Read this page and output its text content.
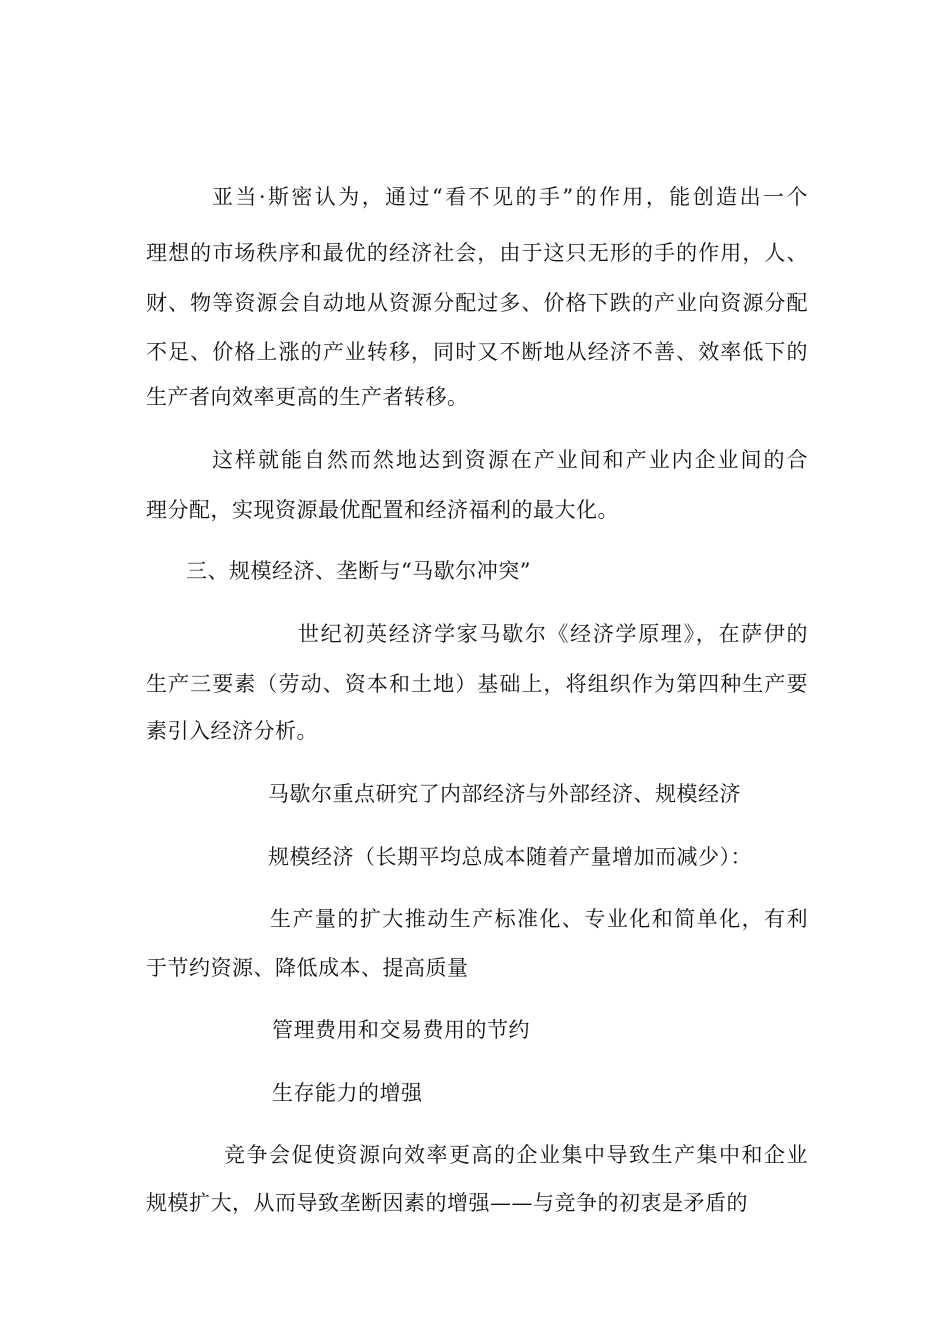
亚当·斯密认为，通过“看不见的手”的作用，能创造出一个
理想的市场秩序和最优的经济社会，由于这只无形的手的作用，人、
财、物等资源会自动地从资源分配过多、价格下跌的产业向资源分配
不足、价格上涨的产业转移，同时又不断地从经济不善、效率低下的
生产者向效率更高的生产者转移。
这样就能自然而然地达到资源在产业间和产业内企业间的合
理分配，实现资源最优配置和经济福利的最大化。
三、规模经济、垄断与“马歇尔冲突”
世纪初英经济学家马歇尔《经济学原理》，在萨伊的
生产三要素（劳动、资本和土地）基础上，将组织作为第四种生产要
素引入经济分析。
马歇尔重点研究了内部经济与外部经济、规模经济
规模经济（长期平均总成本随着产量增加而减少）：
生产量的扩大推动生产标准化、专业化和简单化，有利
于节约资源、降低成本、提高质量
管理费用和交易费用的节约
生存能力的增强
竞争会促使资源向效率更高的企业集中导致生产集中和企业
规模扩大，从而导致垄断因素的增强——与竞争的初衷是矛盾的
